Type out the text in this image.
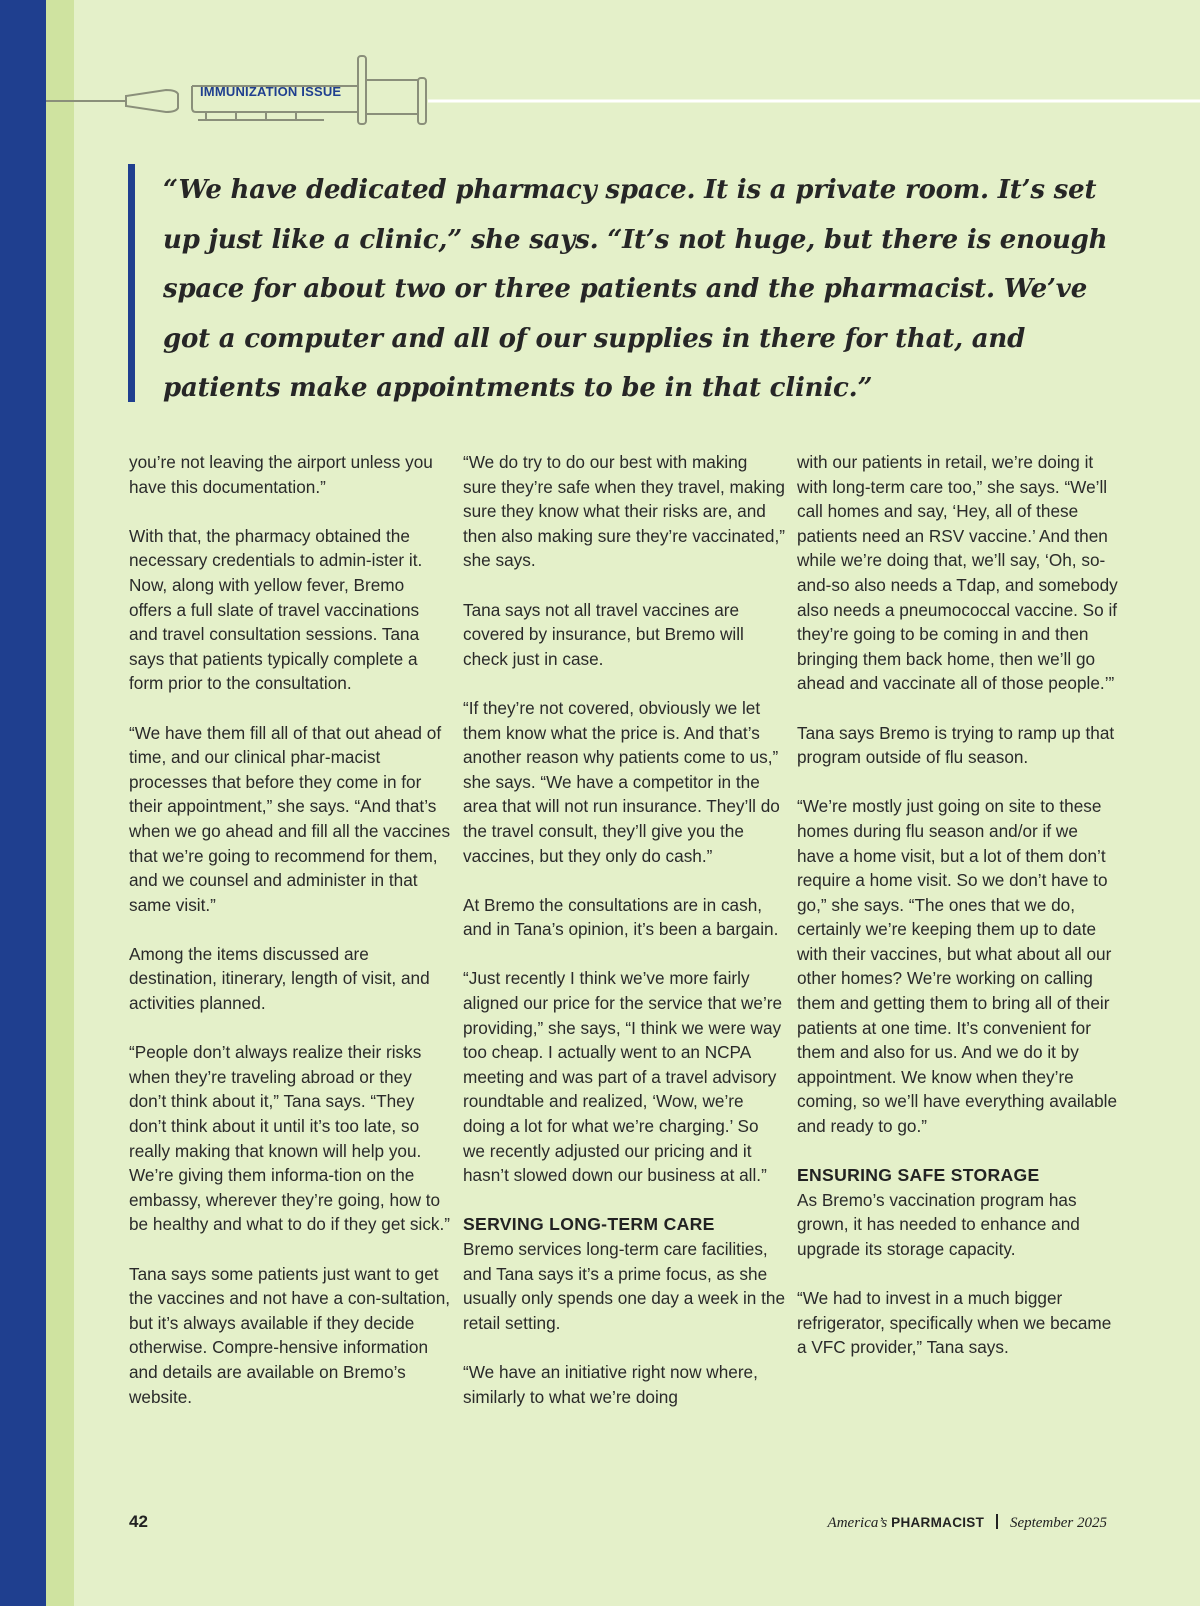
IMMUNIZATION ISSUE

“We have dedicated pharmacy space. It is a private room. It’s set up just like a clinic,” she says. “It’s not huge, but there is enough space for about two or three patients and the pharmacist. We’ve got a computer and all of our supplies in there for that, and patients make appointments to be in that clinic.”

you’re not leaving the airport unless you have this documentation.”

With that, the pharmacy obtained the necessary credentials to admin-ister it. Now, along with yellow fever, Bremo offers a full slate of travel vaccinations and travel consultation sessions. Tana says that patients typically complete a form prior to the consultation.

“We have them fill all of that out ahead of time, and our clinical phar-macist processes that before they come in for their appointment,” she says. “And that’s when we go ahead and fill all the vaccines that we’re going to recommend for them, and we counsel and administer in that same visit.”

Among the items discussed are destination, itinerary, length of visit, and activities planned.

“People don’t always realize their risks when they’re traveling abroad or they don’t think about it,” Tana says. “They don’t think about it until it’s too late, so really making that known will help you. We’re giving them informa-tion on the embassy, wherever they’re going, how to be healthy and what to do if they get sick.”

Tana says some patients just want to get the vaccines and not have a con-sultation, but it’s always available if they decide otherwise. Compre-hensive information and details are available on Bremo’s website.

“We do try to do our best with making sure they’re safe when they travel, making sure they know what their risks are, and then also making sure they’re vaccinated,” she says.

Tana says not all travel vaccines are covered by insurance, but Bremo will check just in case.

“If they’re not covered, obviously we let them know what the price is. And that’s another reason why patients come to us,” she says. “We have a competitor in the area that will not run insurance. They’ll do the travel consult, they’ll give you the vaccines, but they only do cash.”

At Bremo the consultations are in cash, and in Tana’s opinion, it’s been a bargain.

“Just recently I think we’ve more fairly aligned our price for the service that we’re providing,” she says, “I think we were way too cheap. I actually went to an NCPA meeting and was part of a travel advisory roundtable and realized, ‘Wow, we’re doing a lot for what we’re charging.’ So we recently adjusted our pricing and it hasn’t slowed down our business at all.”

SERVING LONG-TERM CARE

Bremo services long-term care facilities, and Tana says it’s a prime focus, as she usually only spends one day a week in the retail setting.

“We have an initiative right now where, similarly to what we’re doing

with our patients in retail, we’re doing it with long-term care too,” she says. “We’ll call homes and say, ‘Hey, all of these patients need an RSV vaccine.’ And then while we’re doing that, we’ll say, ‘Oh, so-and-so also needs a Tdap, and somebody also needs a pneumococcal vaccine. So if they’re going to be coming in and then bringing them back home, then we’ll go ahead and vaccinate all of those people.’”

Tana says Bremo is trying to ramp up that program outside of flu season.

“We’re mostly just going on site to these homes during flu season and/or if we have a home visit, but a lot of them don’t require a home visit. So we don’t have to go,” she says. “The ones that we do, certainly we’re keeping them up to date with their vaccines, but what about all our other homes? We’re working on calling them and getting them to bring all of their patients at one time. It’s convenient for them and also for us. And we do it by appointment. We know when they’re coming, so we’ll have everything available and ready to go.”

ENSURING SAFE STORAGE

As Bremo’s vaccination program has grown, it has needed to enhance and upgrade its storage capacity.

“We had to invest in a much bigger refrigerator, specifically when we became a VFC provider,” Tana says.

42	America’s PHARMACIST September 2025
